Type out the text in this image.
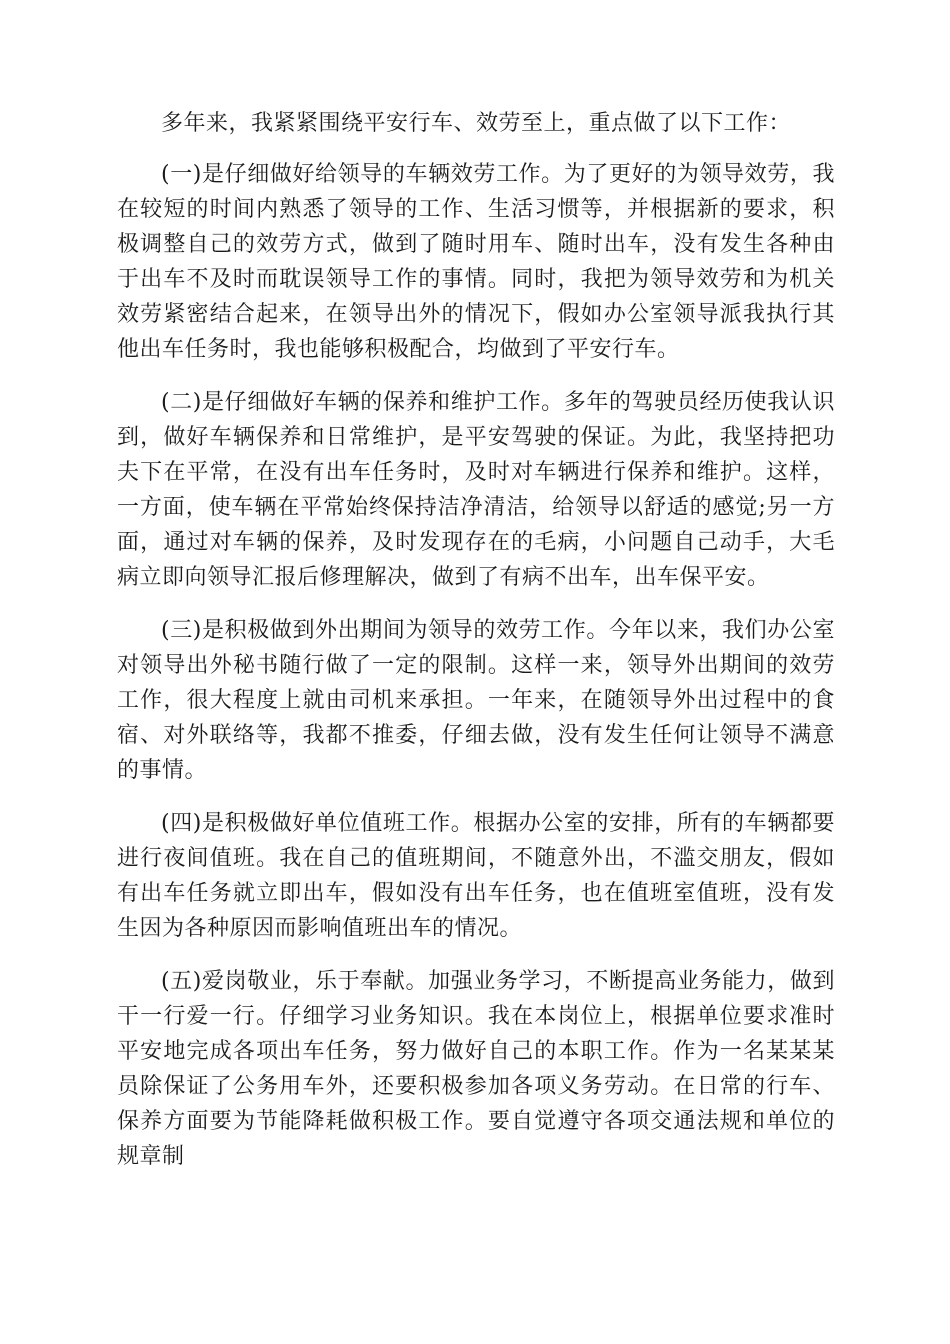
多年来，我紧紧围绕平安行车、效劳至上，重点做了以下工作：

(一)是仔细做好给领导的车辆效劳工作。为了更好的为领导效劳，我在较短的时间内熟悉了领导的工作、生活习惯等，并根据新的要求，积极调整自己的效劳方式，做到了随时用车、随时出车，没有发生各种由于出车不及时而耽误领导工作的事情。同时，我把为领导效劳和为机关效劳紧密结合起来，在领导出外的情况下，假如办公室领导派我执行其他出车任务时，我也能够积极配合，均做到了平安行车。

(二)是仔细做好车辆的保养和维护工作。多年的驾驶员经历使我认识到，做好车辆保养和日常维护，是平安驾驶的保证。为此，我坚持把功夫下在平常，在没有出车任务时，及时对车辆进行保养和维护。这样，一方面，使车辆在平常始终保持洁净清洁，给领导以舒适的感觉;另一方面，通过对车辆的保养，及时发现存在的毛病，小问题自己动手，大毛病立即向领导汇报后修理解决，做到了有病不出车，出车保平安。

(三)是积极做到外出期间为领导的效劳工作。今年以来，我们办公室对领导出外秘书随行做了一定的限制。这样一来，领导外出期间的效劳工作，很大程度上就由司机来承担。一年来，在随领导外出过程中的食宿、对外联络等，我都不推委，仔细去做，没有发生任何让领导不满意的事情。

(四)是积极做好单位值班工作。根据办公室的安排，所有的车辆都要进行夜间值班。我在自己的值班期间，不随意外出，不滥交朋友，假如有出车任务就立即出车，假如没有出车任务，也在值班室值班，没有发生因为各种原因而影响值班出车的情况。

(五)爱岗敬业，乐于奉献。加强业务学习，不断提高业务能力，做到干一行爱一行。仔细学习业务知识。我在本岗位上，根据单位要求准时平安地完成各项出车任务，努力做好自己的本职工作。作为一名某某某员除保证了公务用车外，还要积极参加各项义务劳动。在日常的行车、保养方面要为节能降耗做积极工作。要自觉遵守各项交通法规和单位的规章制
